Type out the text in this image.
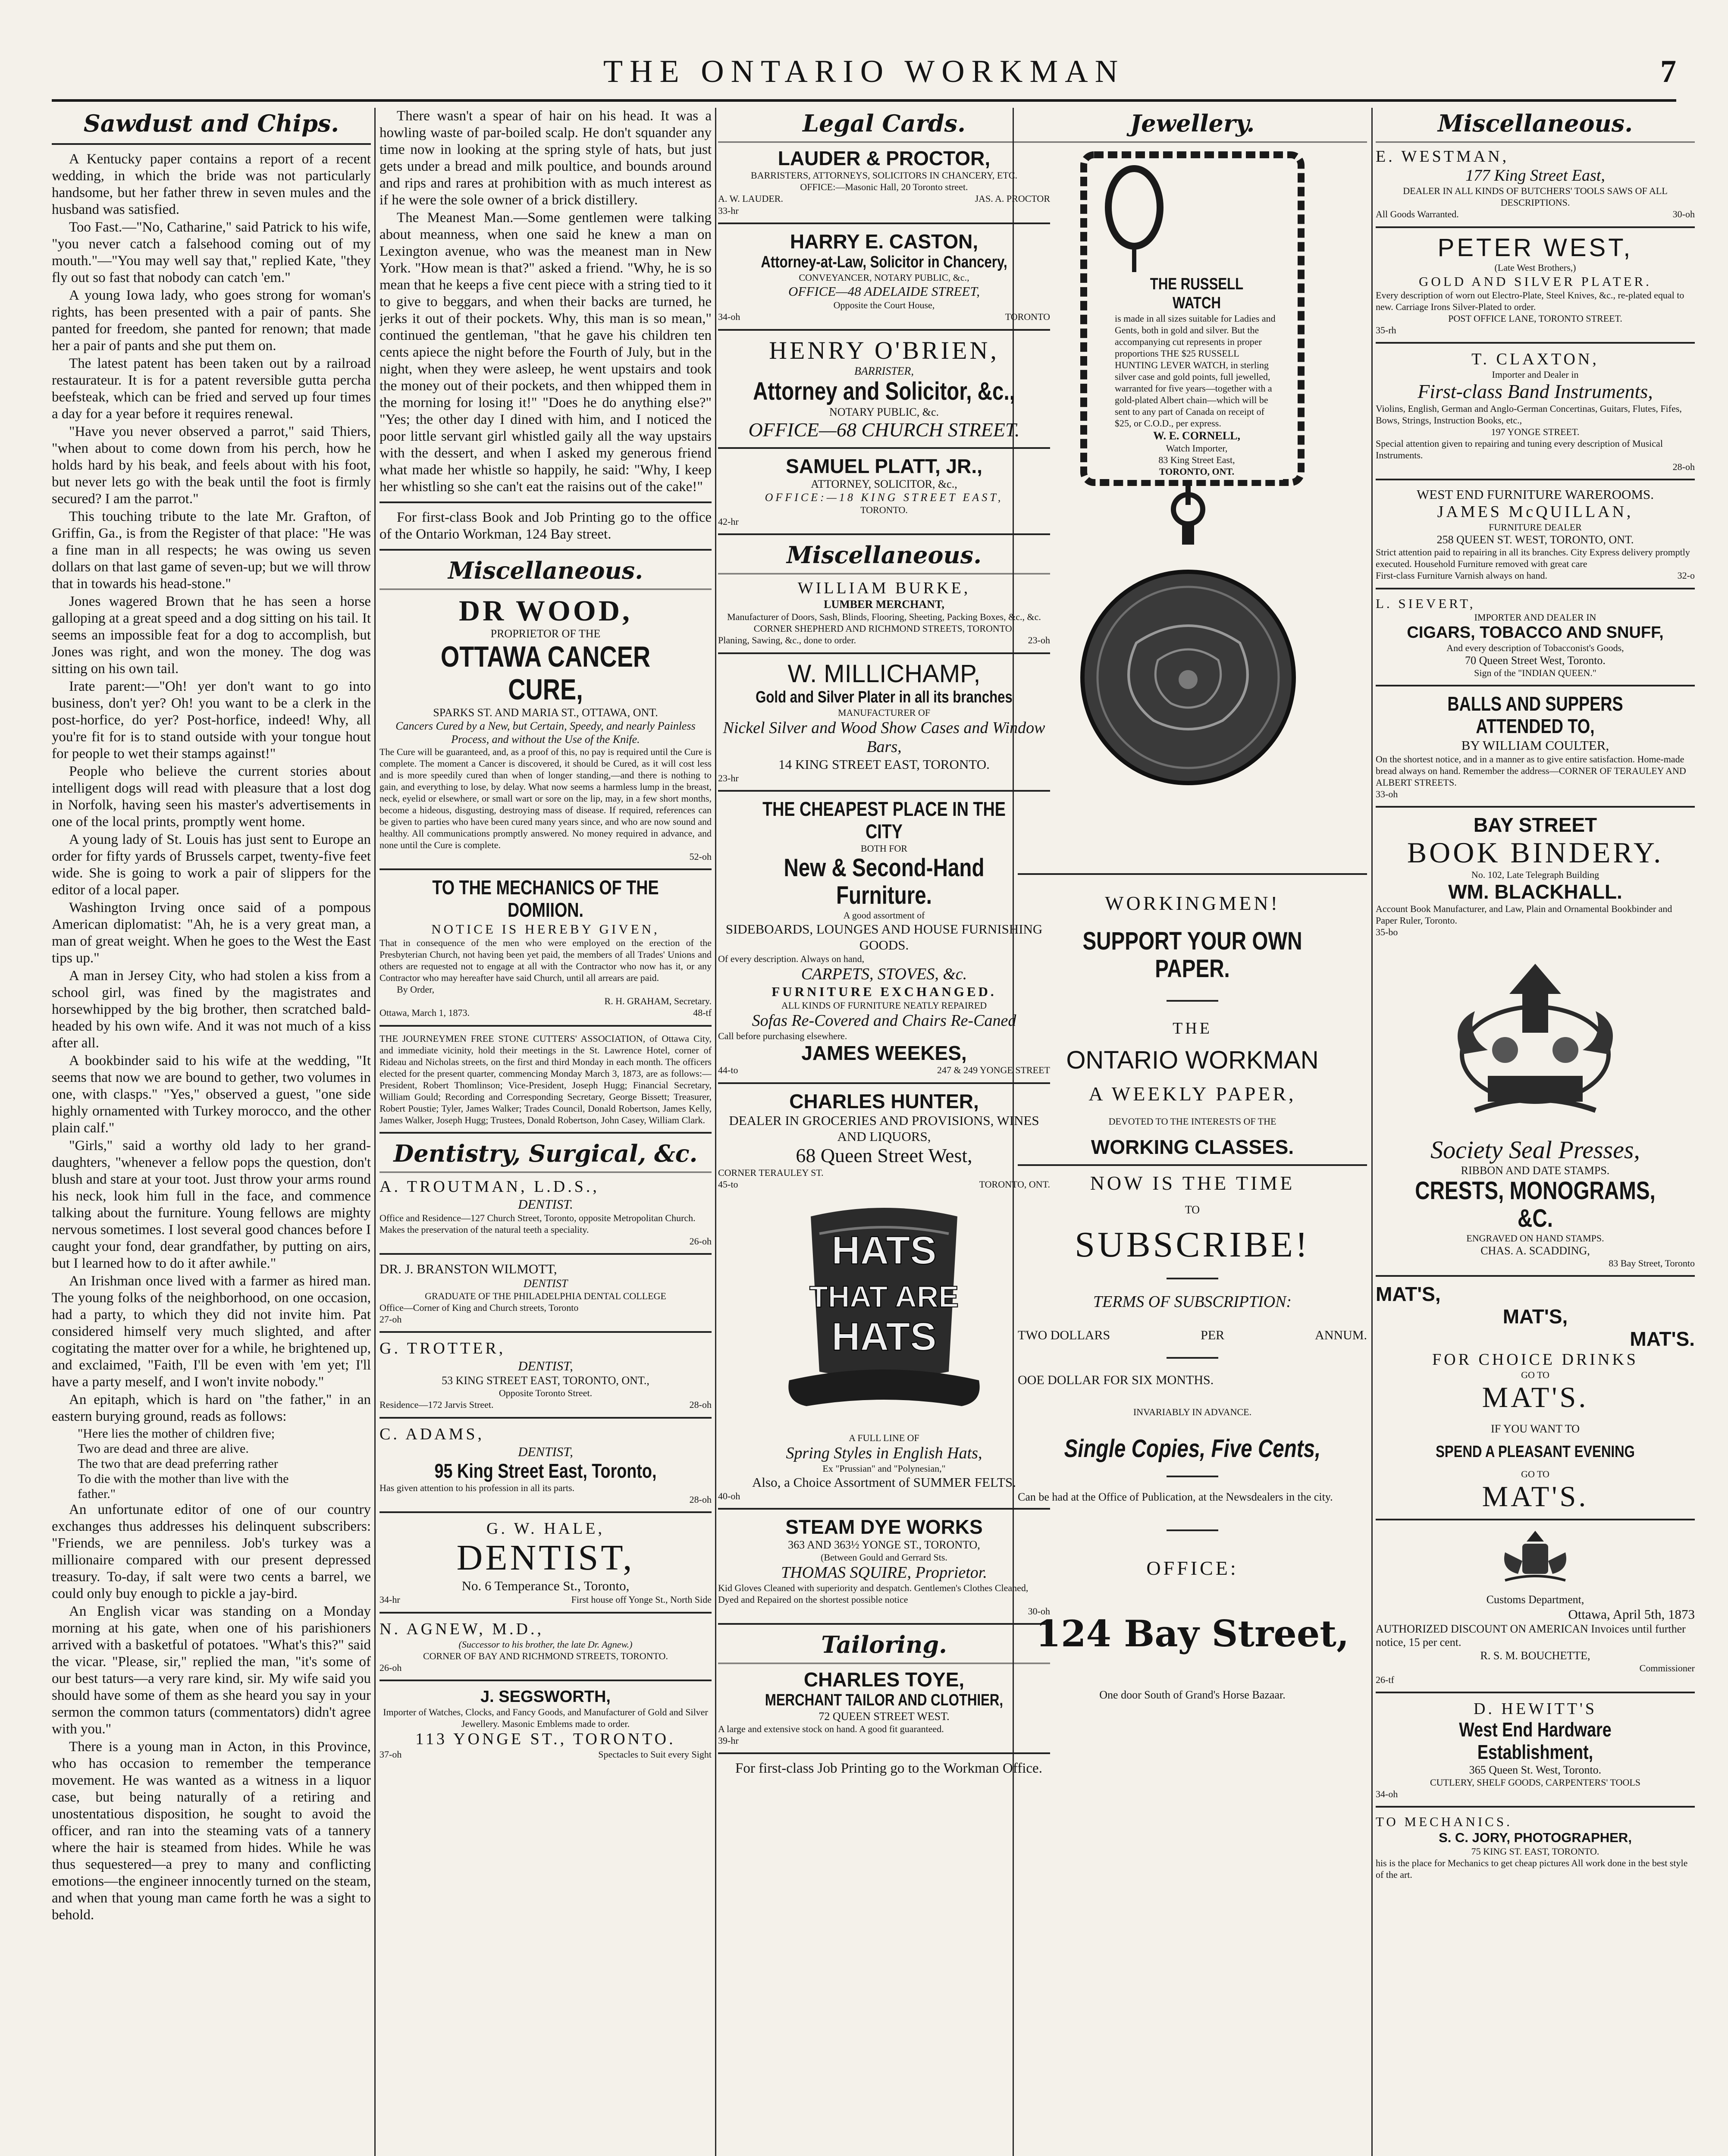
THE ONTARIO WORKMAN	7
Sawdust and Chips.

A Kentucky paper contains a report of a recent wedding, in which the bride was not particularly handsome, but her father threw in seven mules and the husband was satisfied.

Too Fast.—"No, Catharine," said Patrick to his wife, "you never catch a falsehood coming out of my mouth."—"You may well say that," replied Kate, "they fly out so fast that nobody can catch 'em."

A young Iowa lady, who goes strong for woman's rights, has been presented with a pair of pants. She panted for freedom, she panted for renown; that made her a pair of pants and she put them on.

The latest patent has been taken out by a railroad restaurateur. It is for a patent reversible gutta percha beefsteak, which can be fried and served up four times a day for a year before it requires renewal.

"Have you never observed a parrot," said Thiers, "when about to come down from his perch, how he holds hard by his beak, and feels about with his foot, but never lets go with the beak until the foot is firmly secured? I am the parrot."

This touching tribute to the late Mr. Grafton, of Griffin, Ga., is from the Register of that place: "He was a fine man in all respects; he was owing us seven dollars on that last game of seven-up; but we will throw that in towards his head-stone."

Jones wagered Brown that he has seen a horse galloping at a great speed and a dog sitting on his tail. It seems an impossible feat for a dog to accomplish, but Jones was right, and won the money. The dog was sitting on his own tail.

Irate parent:—"Oh! yer don't want to go into business, don't yer? Oh! you want to be a clerk in the post-horfice, do yer? Post-horfice, indeed! Why, all you're fit for is to stand outside with your tongue hout for people to wet their stamps against!"

People who believe the current stories about intelligent dogs will read with pleasure that a lost dog in Norfolk, having seen his master's advertisements in one of the local prints, promptly went home.

A young lady of St. Louis has just sent to Europe an order for fifty yards of Brussels carpet, twenty-five feet wide. She is going to work a pair of slippers for the editor of a local paper.

Washington Irving once said of a pompous American diplomatist: "Ah, he is a very great man, a man of great weight. When he goes to the West the East tips up."

A man in Jersey City, who had stolen a kiss from a school girl, was fined by the magistrates and horsewhipped by the big brother, then scratched bald-headed by his own wife. And it was not much of a kiss after all.

A bookbinder said to his wife at the wedding, "It seems that now we are bound to gether, two volumes in one, with clasps." "Yes," observed a guest, "one side highly ornamented with Turkey morocco, and the other plain calf."

"Girls," said a worthy old lady to her grand-daughters, "whenever a fellow pops the question, don't blush and stare at your toot. Just throw your arms round his neck, look him full in the face, and commence talking about the furniture. Young fellows are mighty nervous sometimes. I lost several good chances before I caught your fond, dear grandfather, by putting on airs, but I learned how to do it after awhile."

An Irishman once lived with a farmer as hired man. The young folks of the neighborhood, on one occasion, had a party, to which they did not invite him. Pat considered himself very much slighted, and after cogitating the matter over for a while, he brightened up, and exclaimed, "Faith, I'll be even with 'em yet; I'll have a party meself, and I won't invite nobody."

An epitaph, which is hard on "the father," in an eastern burying ground, reads as follows:

"Here lies the mother of children five;

Two are dead and three are alive.

The two that are dead preferring rather

To die with the mother than live with the

father."

An unfortunate editor of one of our country exchanges thus addresses his delinquent subscribers: "Friends, we are penniless. Job's turkey was a millionaire compared with our present depressed treasury. To-day, if salt were two cents a barrel, we could only buy enough to pickle a jay-bird.

An English vicar was standing on a Monday morning at his gate, when one of his parishioners arrived with a basketful of potatoes. "What's this?" said the vicar. "Please, sir," replied the man, "it's some of our best taturs—a very rare kind, sir. My wife said you should have some of them as she heard you say in your sermon the common taturs (commentators) didn't agree with you."

There is a young man in Acton, in this Province, who has occasion to remember the temperance movement. He was wanted as a witness in a liquor case, but being naturally of a retiring and unostentatious disposition, he sought to avoid the officer, and ran into the steaming vats of a tannery where the hair is steamed from hides. While he was thus sequestered—a prey to many and conflicting emotions—the engineer innocently turned on the steam, and when that young man came forth he was a sight to behold.

There wasn't a spear of hair on his head. It was a howling waste of par-boiled scalp. He don't squander any time now in looking at the spring style of hats, but just gets under a bread and milk poultice, and bounds around and rips and rares at prohibition with as much interest as if he were the sole owner of a brick distillery.

The Meanest Man.—Some gentlemen were talking about meanness, when one said he knew a man on Lexington avenue, who was the meanest man in New York. "How mean is that?" asked a friend. "Why, he is so mean that he keeps a five cent piece with a string tied to it to give to beggars, and when their backs are turned, he jerks it out of their pockets. Why, this man is so mean," continued the gentleman, "that he gave his children ten cents apiece the night before the Fourth of July, but in the night, when they were asleep, he went upstairs and took the money out of their pockets, and then whipped them in the morning for losing it!" "Does he do anything else?" "Yes; the other day I dined with him, and I noticed the poor little servant girl whistled gaily all the way upstairs with the dessert, and when I asked my generous friend what made her whistle so happily, he said: "Why, I keep her whistling so she can't eat the raisins out of the cake!"

For first-class Book and Job Printing go to the office of the Ontario Workman, 124 Bay street.

Miscellaneous.
DR WOOD,
PROPRIETOR OF THE
OTTAWA CANCER CURE,
SPARKS ST. AND MARIA ST., OTTAWA, ONT.
Cancers Cured by a New, but Certain, Speedy, and nearly Painless Process, and without the Use of the Knife.
The Cure will be guaranteed, and, as a proof of this, no pay is required until the Cure is complete. The moment a Cancer is discovered, it should be Cured, as it will cost less and is more speedily cured than when of longer standing,—and there is nothing to gain, and everything to lose, by delay. What now seems a harmless lump in the breast, neck, eyelid or elsewhere, or small wart or sore on the lip, may, in a few short months, become a hideous, disgusting, destroying mass of disease. If required, references can be given to parties who have been cured many years since, and who are now sound and healthy. All communications promptly answered. No money required in advance, and none until the Cure is complete.
52-oh
TO THE MECHANICS OF THE DOMIION.
NOTICE IS HEREBY GIVEN,
That in consequence of the men who were employed on the erection of the Presbyterian Church, not having been yet paid, the members of all Trades' Unions and others are requested not to engage at all with the Contractor who now has it, or any Contractor who may hereafter have said Church, until all arrears are paid.
By Order,
R. H. GRAHAM, Secretary.
Ottawa, March 1, 1873.	48-tf
THE JOURNEYMEN FREE STONE CUTTERS' ASSOCIATION, of Ottawa City, and immediate vicinity, hold their meetings in the St. Lawrence Hotel, corner of Rideau and Nicholas streets, on the first and third Monday in each month. The officers elected for the present quarter, commencing Monday March 3, 1873, are as follows:—President, Robert Thomlinson; Vice-President, Joseph Hugg; Financial Secretary, William Gould; Recording and Corresponding Secretary, George Bissett; Treasurer, Robert Poustie; Tyler, James Walker; Trades Council, Donald Robertson, James Kelly, James Walker, Joseph Hugg; Trustees, Donald Robertson, John Casey, William Clark.
Dentistry, Surgical, &c.
A. TROUTMAN, L.D.S.,
DENTIST.
Office and Residence—127 Church Street, Toronto, opposite Metropolitan Church. Makes the preservation of the natural teeth a speciality.
26-oh
DR. J. BRANSTON WILMOTT,
DENTIST
GRADUATE OF THE PHILADELPHIA DENTAL COLLEGE
Office—Corner of King and Church streets, Toronto
27-oh
G. TROTTER,
DENTIST,
53 KING STREET EAST, TORONTO, ONT.,
Opposite Toronto Street.
Residence—172 Jarvis Street.	28-oh
C. ADAMS,
DENTIST,
95 King Street East, Toronto,
Has given attention to his profession in all its parts.
28-oh
G. W. HALE,
DENTIST,
No. 6 Temperance St., Toronto,
34-hr	First house off Yonge St., North Side
N. AGNEW, M.D.,
(Successor to his brother, the late Dr. Agnew.)
CORNER OF BAY AND RICHMOND STREETS, TORONTO.
26-oh
J. SEGSWORTH,
Importer of Watches, Clocks, and Fancy Goods, and Manufacturer of Gold and Silver Jewellery. Masonic Emblems made to order.
113 YONGE ST., TORONTO.
37-oh	Spectacles to Suit every Sight
Legal Cards.
LAUDER & PROCTOR,
BARRISTERS, ATTORNEYS, SOLICITORS IN CHANCERY, ETC.
OFFICE:—Masonic Hall, 20 Toronto street.
A. W. LAUDER.	JAS. A. PROCTOR
33-hr
HARRY E. CASTON,
Attorney-at-Law, Solicitor in Chancery,
CONVEYANCER, NOTARY PUBLIC, &c.,
OFFICE—48 ADELAIDE STREET,
Opposite the Court House,
34-oh	TORONTO
HENRY O'BRIEN,
BARRISTER,
Attorney and Solicitor, &c.,
NOTARY PUBLIC, &c.
OFFICE—68 CHURCH STREET.
SAMUEL PLATT, JR.,
ATTORNEY, SOLICITOR, &c.,
OFFICE:—18 KING STREET EAST,
TORONTO.
42-hr
Miscellaneous.
WILLIAM BURKE,
LUMBER MERCHANT,
Manufacturer of Doors, Sash, Blinds, Flooring, Sheeting, Packing Boxes, &c., &c.
CORNER SHEPHERD AND RICHMOND STREETS, TORONTO.
Planing, Sawing, &c., done to order.	23-oh
W. MILLICHAMP,
Gold and Silver Plater in all its branches
MANUFACTURER OF
Nickel Silver and Wood Show Cases and Window Bars,
14 KING STREET EAST, TORONTO.
23-hr
THE CHEAPEST PLACE IN THE CITY
BOTH FOR
New & Second-Hand Furniture.
A good assortment of
SIDEBOARDS, LOUNGES AND HOUSE FURNISHING GOODS.
Of every description. Always on hand,
CARPETS, STOVES, &c.
FURNITURE EXCHANGED.
ALL KINDS OF FURNITURE NEATLY REPAIRED
Sofas Re-Covered and Chairs Re-Caned
Call before purchasing elsewhere.
JAMES WEEKES,
44-to	247 & 249 YONGE STREET
CHARLES HUNTER,
DEALER IN GROCERIES AND PROVISIONS, WINES AND LIQUORS,
68 Queen Street West,
CORNER TERAULEY ST.
45-to	TORONTO, ONT.
HATS
THAT ARE
HATS
A FULL LINE OF
Spring Styles in English Hats,
Ex "Prussian" and "Polynesian,"
Also, a Choice Assortment of SUMMER FELTS.
40-oh
STEAM DYE WORKS
363 AND 363½ YONGE ST., TORONTO,
(Between Gould and Gerrard Sts.
THOMAS SQUIRE, Proprietor.
Kid Gloves Cleaned with superiority and despatch. Gentlemen's Clothes Cleaned, Dyed and Repaired on the shortest possible notice
30-oh
Tailoring.
CHARLES TOYE,
MERCHANT TAILOR AND CLOTHIER,
72 QUEEN STREET WEST.
A large and extensive stock on hand. A good fit guaranteed.
39-hr

For first-class Job Printing go to the Workman Office.

Jewellery.
THE RUSSELL WATCH
is made in all sizes suitable for Ladies and Gents, both in gold and silver. But the accompanying cut represents in proper proportions THE $25 RUSSELL HUNTING LEVER WATCH, in sterling silver case and gold points, full jewelled, warranted for five years—together with a gold-plated Albert chain—which will be sent to any part of Canada on receipt of $25, or C.O.D., per express.
W. E. CORNELL,
Watch Importer,
83 King Street East,
TORONTO, ONT.
WORKINGMEN!
SUPPORT YOUR OWN PAPER.
THE
ONTARIO WORKMAN
A WEEKLY PAPER,
DEVOTED TO THE INTERESTS OF THE
WORKING CLASSES.
NOW IS THE TIME
TO
SUBSCRIBE!
TERMS OF SUBSCRIPTION:
TWO DOLLARS	PER	ANNUM.
OOE DOLLAR FOR SIX MONTHS.
INVARIABLY IN ADVANCE.
Single Copies, Five Cents,
Can be had at the Office of Publication, at the Newsdealers in the city.
OFFICE:
124 Bay Street,
One door South of Grand's Horse Bazaar.
Miscellaneous.
E. WESTMAN,
177 King Street East,
DEALER IN ALL KINDS OF BUTCHERS' TOOLS SAWS OF ALL DESCRIPTIONS.
All Goods Warranted.	30-oh
PETER WEST,
(Late West Brothers,)
GOLD AND SILVER PLATER.
Every description of worn out Electro-Plate, Steel Knives, &c., re-plated equal to new. Carriage Irons Silver-Plated to order.
POST OFFICE LANE, TORONTO STREET.
35-rh
T. CLAXTON,
Importer and Dealer in
First-class Band Instruments,
Violins, English, German and Anglo-German Concertinas, Guitars, Flutes, Fifes, Bows, Strings, Instruction Books, etc.,
197 YONGE STREET.
Special attention given to repairing and tuning every description of Musical Instruments.
28-oh
WEST END FURNITURE WAREROOMS.
JAMES McQUILLAN,
FURNITURE DEALER
258 QUEEN ST. WEST, TORONTO, ONT.
Strict attention paid to repairing in all its branches. City Express delivery promptly executed. Household Furniture removed with great care
First-class Furniture Varnish always on hand.	32-o
L. SIEVERT,
IMPORTER AND DEALER IN
CIGARS, TOBACCO AND SNUFF,
And every description of Tobacconist's Goods,
70 Queen Street West, Toronto.
Sign of the "INDIAN QUEEN."
BALLS AND SUPPERS ATTENDED TO,
BY WILLIAM COULTER,
On the shortest notice, and in a manner as to give entire satisfaction. Home-made bread always on hand. Remember the address—CORNER OF TERAULEY AND ALBERT STREETS.
33-oh
BAY STREET
BOOK BINDERY.
No. 102, Late Telegraph Building
WM. BLACKHALL.
Account Book Manufacturer, and Law, Plain and Ornamental Bookbinder and Paper Ruler, Toronto.
35-bo
Society Seal Presses,
RIBBON AND DATE STAMPS.
CRESTS, MONOGRAMS, &C.
ENGRAVED ON HAND STAMPS.
CHAS. A. SCADDING,
83 Bay Street, Toronto
MAT'S,
MAT'S,
MAT'S.
FOR CHOICE DRINKS
GO TO
MAT'S.
IF YOU WANT TO
SPEND A PLEASANT EVENING
GO TO
MAT'S.
Customs Department,
Ottawa, April 5th, 1873
AUTHORIZED DISCOUNT ON AMERICAN Invoices until further notice, 15 per cent.
R. S. M. BOUCHETTE,
Commissioner
26-tf
D. HEWITT'S
West End Hardware Establishment,
365 Queen St. West, Toronto.
CUTLERY, SHELF GOODS, CARPENTERS' TOOLS
34-oh
TO MECHANICS.
S. C. JORY, PHOTOGRAPHER,
75 KING ST. EAST, TORONTO.
his is the place for Mechanics to get cheap pictures All work done in the best style of the art.
